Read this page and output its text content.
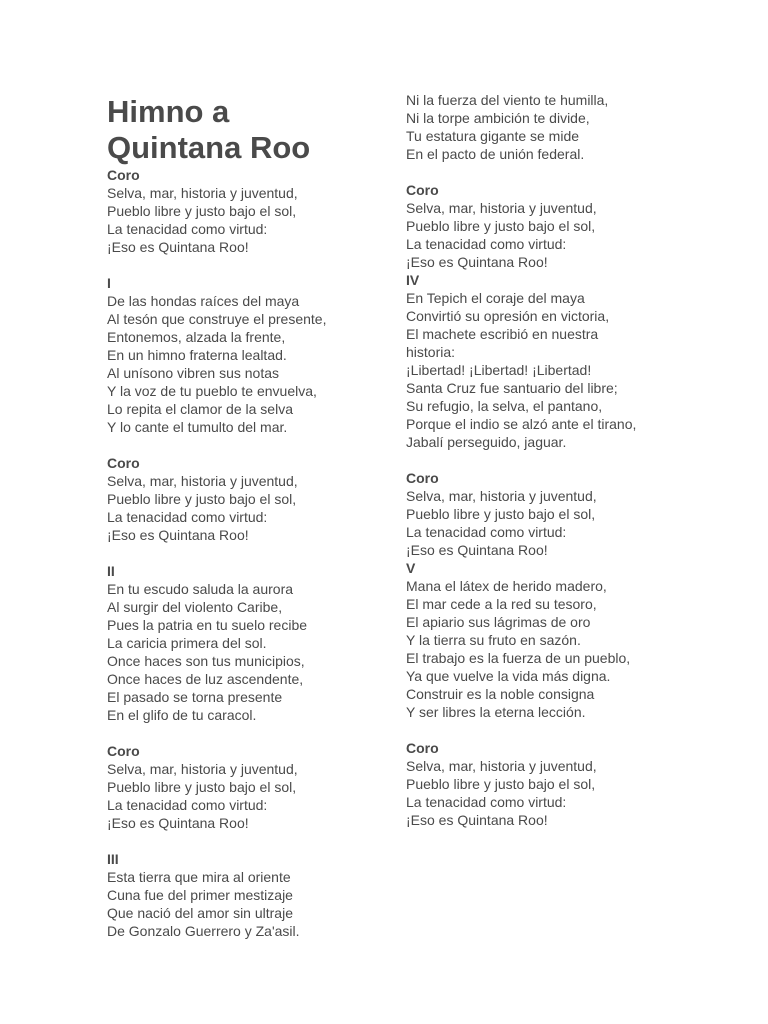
Himno a
Quintana Roo
Coro
Selva, mar, historia y juventud,
Pueblo libre y justo bajo el sol,
La tenacidad como virtud:
¡Eso es Quintana Roo!
I
De las hondas raíces del maya
Al tesón que construye el presente,
Entonemos, alzada la frente,
En un himno fraterna lealtad.
Al unísono vibren sus notas
Y la voz de tu pueblo te envuelva,
Lo repita el clamor de la selva
Y lo cante el tumulto del mar.
Coro
Selva, mar, historia y juventud,
Pueblo libre y justo bajo el sol,
La tenacidad como virtud:
¡Eso es Quintana Roo!
II
En tu escudo saluda la aurora
Al surgir del violento Caribe,
Pues la patria en tu suelo recibe
La caricia primera del sol.
Once haces son tus municipios,
Once haces de luz ascendente,
El pasado se torna presente
En el glifo de tu caracol.
Coro
Selva, mar, historia y juventud,
Pueblo libre y justo bajo el sol,
La tenacidad como virtud:
¡Eso es Quintana Roo!
III
Esta tierra que mira al oriente
Cuna fue del primer mestizaje
Que nació del amor sin ultraje
De Gonzalo Guerrero y Za'asil.
Ni la fuerza del viento te humilla,
Ni la torpe ambición te divide,
Tu estatura gigante se mide
En el pacto de unión federal.
Coro
Selva, mar, historia y juventud,
Pueblo libre y justo bajo el sol,
La tenacidad como virtud:
¡Eso es Quintana Roo!
IV
En Tepich el coraje del maya
Convirtió su opresión en victoria,
El machete escribió en nuestra
historia:
¡Libertad! ¡Libertad! ¡Libertad!
Santa Cruz fue santuario del libre;
Su refugio, la selva, el pantano,
Porque el indio se alzó ante el tirano,
Jabalí perseguido, jaguar.
Coro
Selva, mar, historia y juventud,
Pueblo libre y justo bajo el sol,
La tenacidad como virtud:
¡Eso es Quintana Roo!
V
Mana el látex de herido madero,
El mar cede a la red su tesoro,
El apiario sus lágrimas de oro
Y la tierra su fruto en sazón.
El trabajo es la fuerza de un pueblo,
Ya que vuelve la vida más digna.
Construir es la noble consigna
Y ser libres la eterna lección.
Coro
Selva, mar, historia y juventud,
Pueblo libre y justo bajo el sol,
La tenacidad como virtud:
¡Eso es Quintana Roo!
